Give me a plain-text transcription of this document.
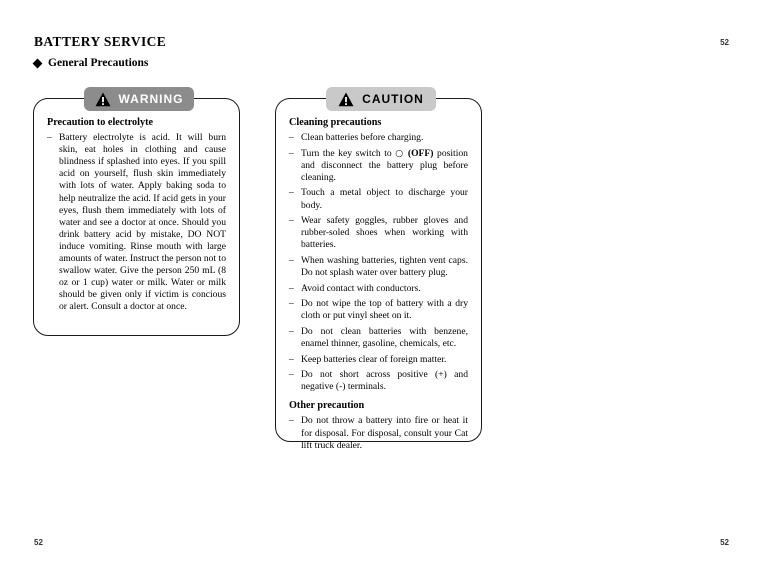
BATTERY SERVICE
General Precautions
52
52	52
WARNING
Precaution to electrolyte
– Battery electrolyte is acid. It will burn skin, eat holes in clothing and cause blindness if splashed into eyes. If you spill acid on yourself, flush skin immediately with lots of water. Apply baking soda to help neutralize the acid. If acid gets in your eyes, flush them immediately with lots of water and see a doctor at once. Should you drink battery acid by mistake, DO NOT induce vomiting. Rinse mouth with large amounts of water. Instruct the person not to swallow water. Give the person 250 mL (8 oz or 1 cup) water or milk. Water or milk should be given only if victim is concious or alert. Consult a doctor at once.
CAUTION
Cleaning precautions
– Clean batteries before charging.
– Turn the key switch to ○ (OFF) position and disconnect the battery plug before cleaning.
– Touch a metal object to discharge your body.
– Wear safety goggles, rubber gloves and rubber-soled shoes when working with batteries.
– When washing batteries, tighten vent caps. Do not splash water over battery plug.
– Avoid contact with conductors.
– Do not wipe the top of battery with a dry cloth or put vinyl sheet on it.
– Do not clean batteries with benzene, enamel thinner, gasoline, chemicals, etc.
– Keep batteries clear of foreign matter.
– Do not short across positive (+) and negative (-) terminals.
Other precaution
– Do not throw a battery into fire or heat it for disposal. For disposal, consult your Cat lift truck dealer.
